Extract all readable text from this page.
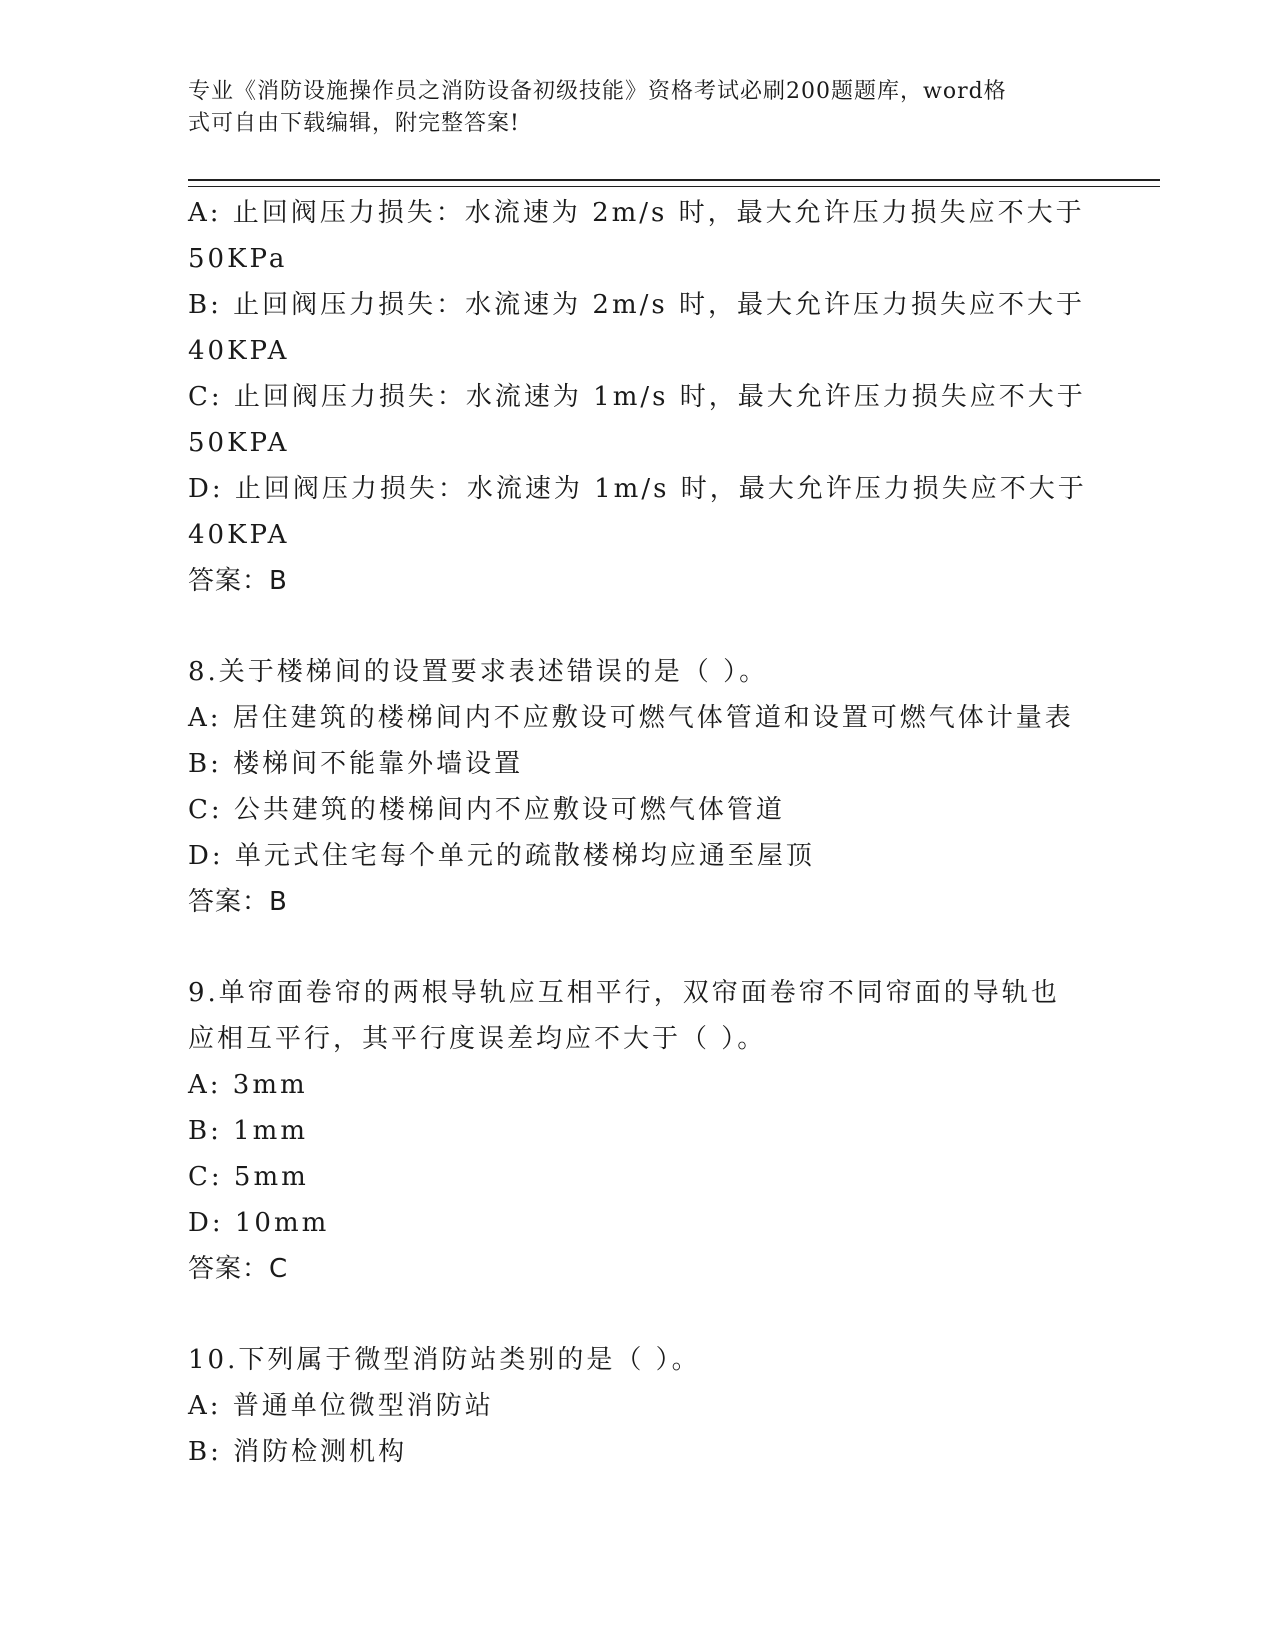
专业《消防设施操作员之消防设备初级技能》资格考试必刷200题题库，word格
式可自由下载编辑，附完整答案!
A: 止回阀压力损失：水流速为 2m/s 时，最大允许压力损失应不大于
50KPa
B: 止回阀压力损失：水流速为 2m/s 时，最大允许压力损失应不大于
40KPA
C: 止回阀压力损失：水流速为 1m/s 时，最大允许压力损失应不大于
50KPA
D: 止回阀压力损失：水流速为 1m/s 时，最大允许压力损失应不大于
40KPA
答案：B
8.关于楼梯间的设置要求表述错误的是（ ）。
A: 居住建筑的楼梯间内不应敷设可燃气体管道和设置可燃气体计量表
B: 楼梯间不能靠外墙设置
C: 公共建筑的楼梯间内不应敷设可燃气体管道
D: 单元式住宅每个单元的疏散楼梯均应通至屋顶
答案：B
9.单帘面卷帘的两根导轨应互相平行，双帘面卷帘不同帘面的导轨也
应相互平行，其平行度误差均应不大于（ ）。
A: 3mm
B: 1mm
C: 5mm
D: 10mm
答案：C
10.下列属于微型消防站类别的是（ ）。
A: 普通单位微型消防站
B: 消防检测机构
